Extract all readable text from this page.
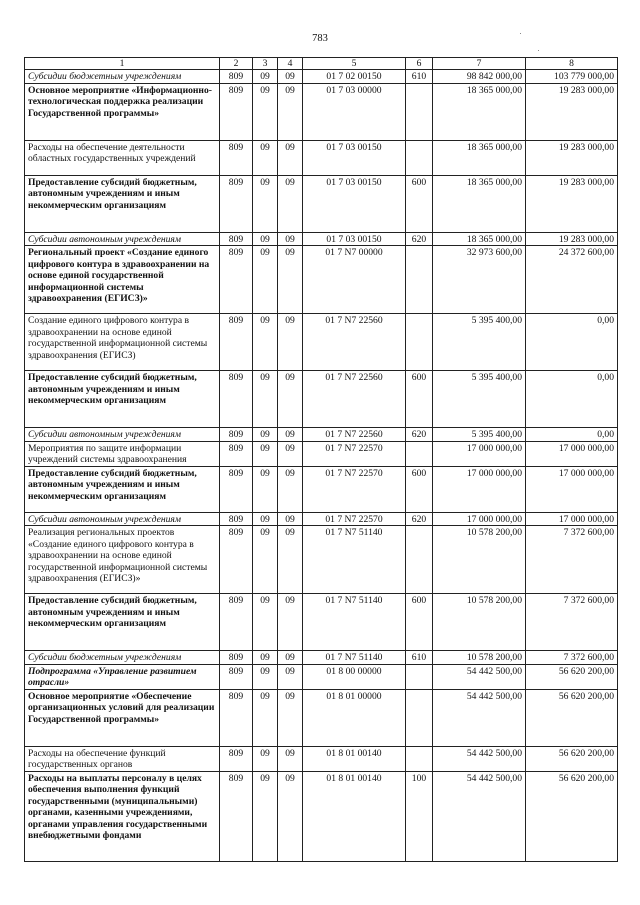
783
1	2	3	4	5	6	7	8
Субсидии бюджетным учреждениям	809	09	09	01 7 02 00150	610	98 842 000,00	103 779 000,00
Основное мероприятие «Информационно-технологическая поддержка реализации Государственной программы»	809	09	09	01 7 03 00000		18 365 000,00	19 283 000,00
Расходы на обеспечение деятельности областных государственных учреждений	809	09	09	01 7 03 00150		18 365 000,00	19 283 000,00
Предоставление субсидий бюджетным, автономным учреждениям и иным некоммерческим организациям	809	09	09	01 7 03 00150	600	18 365 000,00	19 283 000,00
Субсидии автономным учреждениям	809	09	09	01 7 03 00150	620	18 365 000,00	19 283 000,00
Региональный проект «Создание единого цифрового контура в здравоохранении на основе единой государственной информационной системы здравоохранения (ЕГИСЗ)»	809	09	09	01 7 N7 00000		32 973 600,00	24 372 600,00
Создание единого цифрового контура в здравоохранении на основе единой государственной информационной системы здравоохранения (ЕГИСЗ)	809	09	09	01 7 N7 22560		5 395 400,00	0,00
Предоставление субсидий бюджетным, автономным учреждениям и иным некоммерческим организациям	809	09	09	01 7 N7 22560	600	5 395 400,00	0,00
Субсидии автономным учреждениям	809	09	09	01 7 N7 22560	620	5 395 400,00	0,00
Мероприятия по защите информации учреждений системы здравоохранения	809	09	09	01 7 N7 22570		17 000 000,00	17 000 000,00
Предоставление субсидий бюджетным, автономным учреждениям и иным некоммерческим организациям	809	09	09	01 7 N7 22570	600	17 000 000,00	17 000 000,00
Субсидии автономным учреждениям	809	09	09	01 7 N7 22570	620	17 000 000,00	17 000 000,00
Реализация региональных проектов «Создание единого цифрового контура в здравоохранении на основе единой государственной информационной системы здравоохранения (ЕГИСЗ)»	809	09	09	01 7 N7 51140		10 578 200,00	7 372 600,00
Предоставление субсидий бюджетным, автономным учреждениям и иным некоммерческим организациям	809	09	09	01 7 N7 51140	600	10 578 200,00	7 372 600,00
Субсидии бюджетным учреждениям	809	09	09	01 7 N7 51140	610	10 578 200,00	7 372 600,00
Подпрограмма «Управление развитием отрасли»	809	09	09	01 8 00 00000		54 442 500,00	56 620 200,00
Основное мероприятие «Обеспечение организационных условий для реализации Государственной программы»	809	09	09	01 8 01 00000		54 442 500,00	56 620 200,00
Расходы на обеспечение функций государственных органов	809	09	09	01 8 01 00140		54 442 500,00	56 620 200,00
Расходы на выплаты персоналу в целях обеспечения выполнения функций государственными (муниципальными) органами, казенными учреждениями, органами управления государственными внебюджетными фондами	809	09	09	01 8 01 00140	100	54 442 500,00	56 620 200,00
